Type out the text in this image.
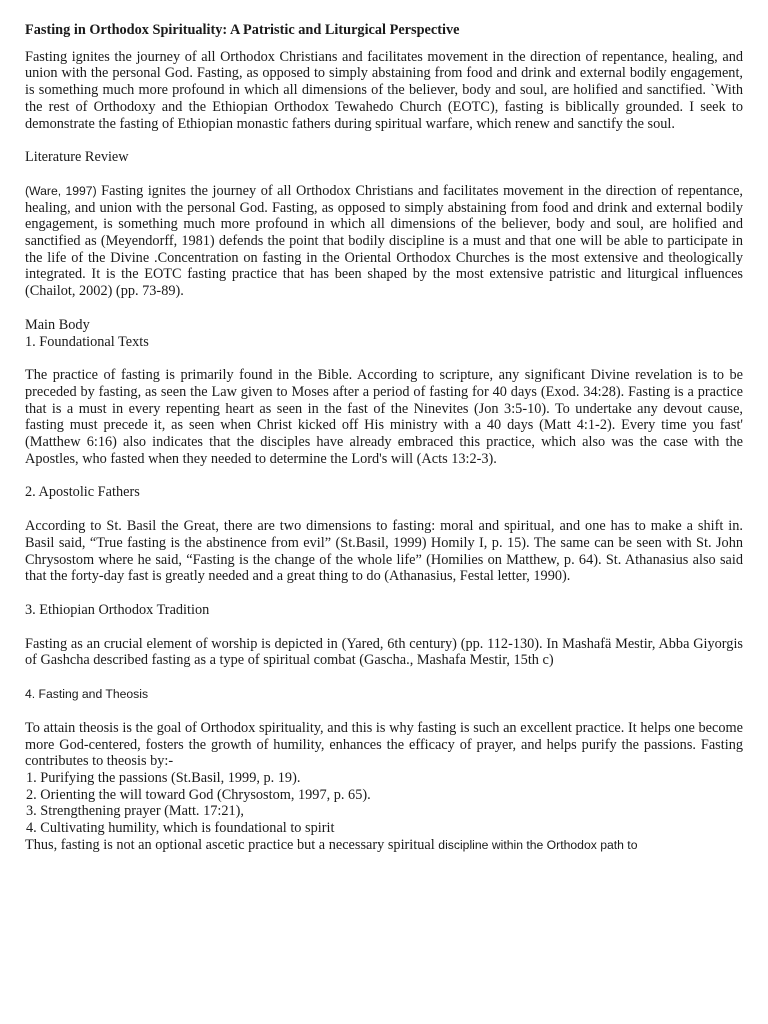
Fasting in Orthodox Spirituality: A Patristic and Liturgical Perspective

Fasting ignites the journey of all Orthodox Christians and facilitates movement in the direction of repentance, healing, and union with the personal God. Fasting, as opposed to simply abstaining from food and drink and external bodily engagement, is something much more profound in which all dimensions of the believer, body and soul, are holified and sanctified. `With the rest of Orthodoxy and the Ethiopian Orthodox Tewahedo Church (EOTC), fasting is biblically grounded. I seek to demonstrate the fasting of Ethiopian monastic fathers during spiritual warfare, which renew and sanctify the soul.

Literature Review

(Ware, 1997) Fasting ignites the journey of all Orthodox Christians and facilitates movement in the direction of repentance, healing, and union with the personal God. Fasting, as opposed to simply abstaining from food and drink and external bodily engagement, is something much more profound in which all dimensions of the believer, body and soul, are holified and sanctified as (Meyendorff, 1981) defends the point that bodily discipline is a must and that one will be able to participate in the life of the Divine .Concentration on fasting in the Oriental Orthodox Churches is the most extensive and theologically integrated. It is the EOTC fasting practice that has been shaped by the most extensive patristic and liturgical influences (Chailot, 2002) (pp. 73-89).

Main Body

1. Foundational Texts

The practice of fasting is primarily found in the Bible. According to scripture, any significant Divine revelation is to be preceded by fasting, as seen the Law given to Moses after a period of fasting for 40 days (Exod. 34:28). Fasting is a practice that is a must in every repenting heart as seen in the fast of the Ninevites (Jon 3:5-10). To undertake any devout cause, fasting must precede it, as seen when Christ kicked off His ministry with a 40 days (Matt 4:1-2). Every time you fast' (Matthew 6:16) also indicates that the disciples have already embraced this practice, which also was the case with the Apostles, who fasted when they needed to determine the Lord's will (Acts 13:2-3).

2. Apostolic Fathers

According to St. Basil the Great, there are two dimensions to fasting: moral and spiritual, and one has to make a shift in. Basil said, “True fasting is the abstinence from evil” (St.Basil, 1999) Homily I, p. 15). The same can be seen with St. John Chrysostom where he said, “Fasting is the change of the whole life” (Homilies on Matthew, p. 64). St. Athanasius also said that the forty-day fast is greatly needed and a great thing to do (Athanasius, Festal letter, 1990).

3. Ethiopian Orthodox Tradition

Fasting as an crucial element of worship is depicted in (Yared, 6th century) (pp. 112-130). In Mashafä Mestir, Abba Giyorgis of Gashcha described fasting as a type of spiritual combat (Gascha., Mashafa Mestir, 15th c)

4. Fasting and Theosis

To attain theosis is the goal of Orthodox spirituality, and this is why fasting is such an excellent practice. It helps one become more God-centered, fosters the growth of humility, enhances the efficacy of prayer, and helps purify the passions. Fasting contributes to theosis by:-

1. Purifying the passions (St.Basil, 1999, p. 19).
2. Orienting the will toward God (Chrysostom, 1997, p. 65).
3. Strengthening prayer (Matt. 17:21),
4. Cultivating humility, which is foundational to spirit

Thus, fasting is not an optional ascetic practice but a necessary spiritual discipline within the Orthodox path to
